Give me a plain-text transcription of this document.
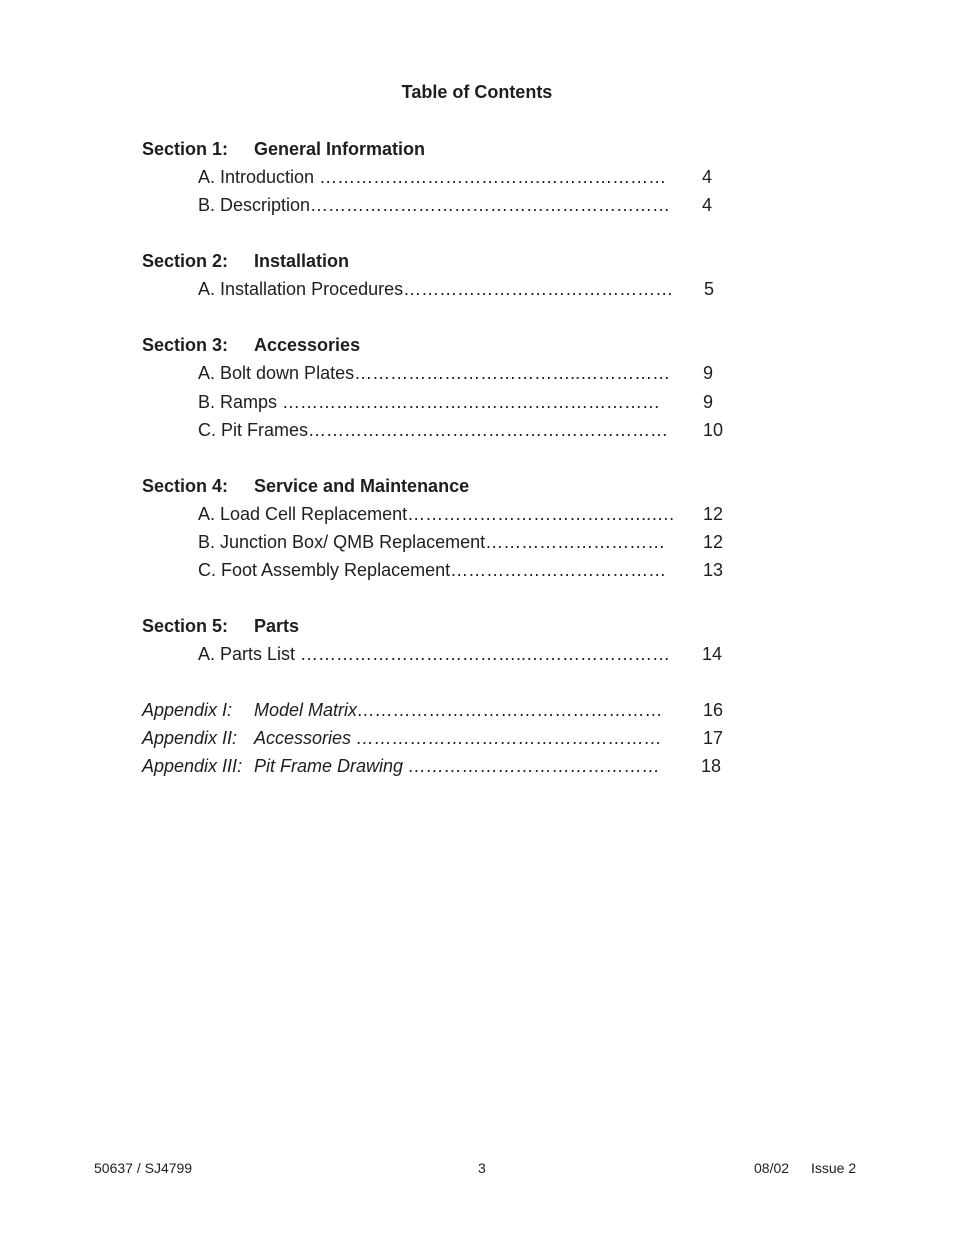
Table of Contents
Section 1: General Information
A. Introduction ……………………………….………………… 4
B. Description…………………………………………………… 4
Section 2: Installation
A. Installation Procedures……………………………………… 5
Section 3: Accessories
A. Bolt down Plates………………………………..…………… 9
B. Ramps ……………………………………………………… 9
C. Pit Frames…………………………………………………… 10
Section 4: Service and Maintenance
A. Load Cell Replacement…………………………………..…. 12
B. Junction Box/ QMB Replacement………………………… 12
C. Foot Assembly Replacement……………………………… 13
Section 5: Parts
A. Parts List ………………………………..…………………… 14
Appendix I: Model Matrix…………………………………………… 16
Appendix II: Accessories …………………………………………… 17
Appendix III: Pit Frame Drawing …………………………………… 18
50637 / SJ4799	3	08/02 Issue 2
